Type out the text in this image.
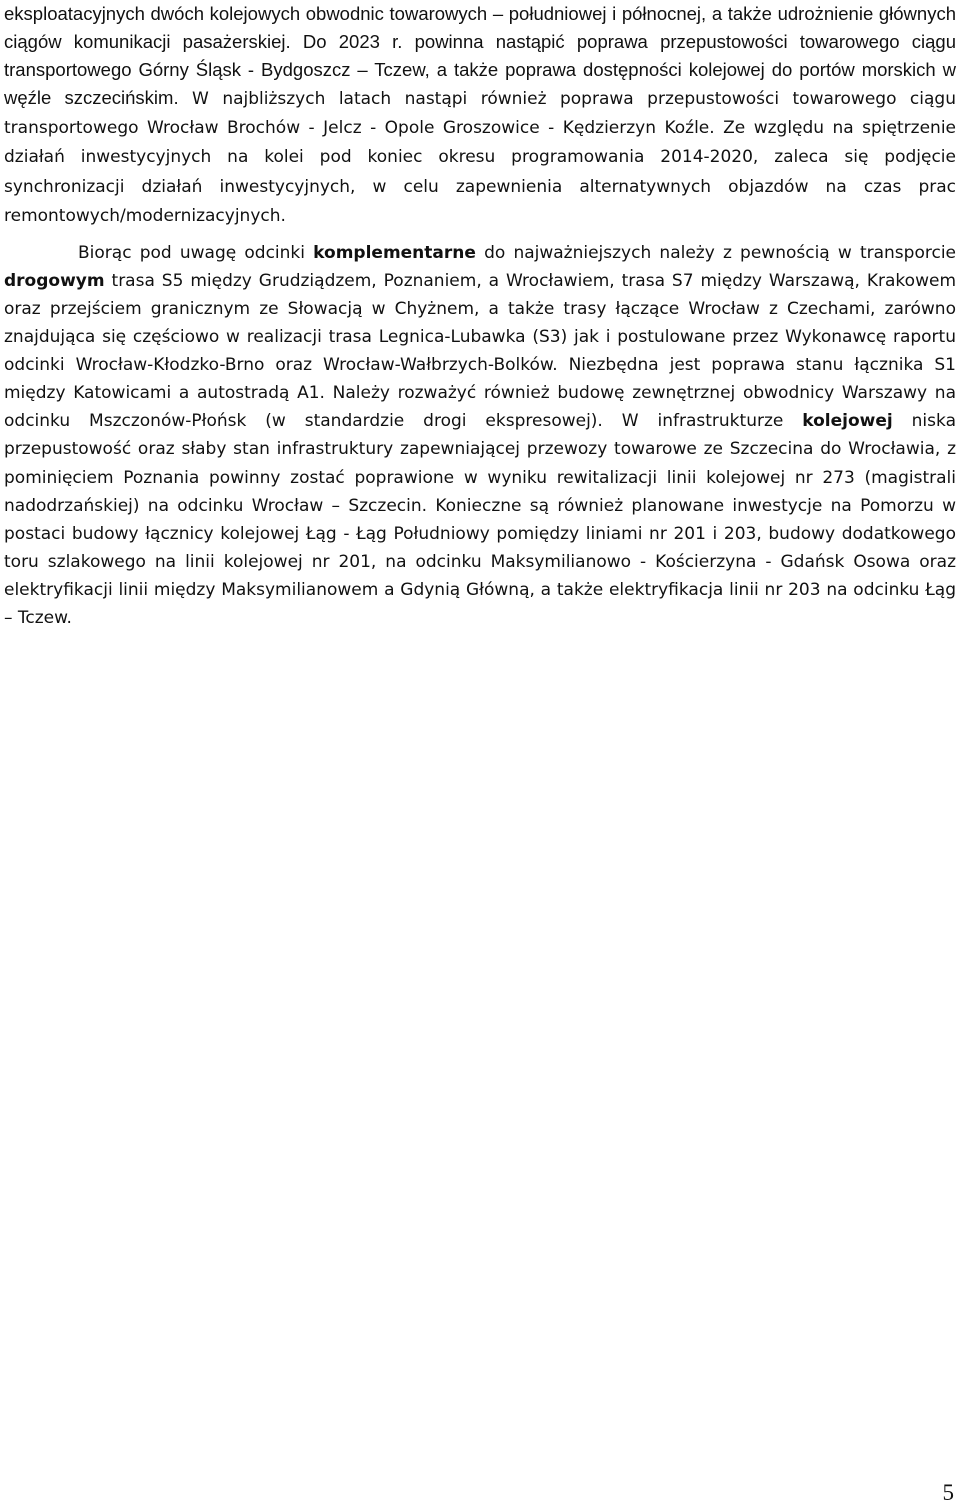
eksploatacyjnych dwóch kolejowych obwodnic towarowych – południowej i północnej, a także udrożnienie głównych ciągów komunikacji pasażerskiej. Do 2023 r. powinna nastąpić poprawa przepustowości towarowego ciągu transportowego Górny Śląsk - Bydgoszcz – Tczew, a także poprawa dostępności kolejowej do portów morskich w węźle szczecińskim. W najbliższych latach nastąpi również poprawa przepustowości towarowego ciągu transportowego Wrocław Brochów - Jelcz - Opole Groszowice - Kędzierzyn Koźle. Ze względu na spiętrzenie działań inwestycyjnych na kolei pod koniec okresu programowania 2014-2020, zaleca się podjęcie synchronizacji działań inwestycyjnych, w celu zapewnienia alternatywnych objazdów na czas prac remontowych/modernizacyjnych.

Biorąc pod uwagę odcinki komplementarne do najważniejszych należy z pewnością w transporcie drogowym trasa S5 między Grudziądzem, Poznaniem, a Wrocławiem, trasa S7 między Warszawą, Krakowem oraz przejściem granicznym ze Słowacją w Chyżnem, a także trasy łączące Wrocław z Czechami, zarówno znajdująca się częściowo w realizacji trasa Legnica-Lubawka (S3) jak i postulowane przez Wykonawcę raportu odcinki Wrocław-Kłodzko-Brno oraz Wrocław-Wałbrzych-Bolków. Niezbędna jest poprawa stanu łącznika S1 między Katowicami a autostradą A1. Należy rozważyć również budowę zewnętrznej obwodnicy Warszawy na odcinku Mszczonów-Płońsk (w standardzie drogi ekspresowej). W infrastrukturze kolejowej niska przepustowość oraz słaby stan infrastruktury zapewniającej przewozy towarowe ze Szczecina do Wrocławia, z pominięciem Poznania powinny zostać poprawione w wyniku rewitalizacji linii kolejowej nr 273 (magistrali nadodrzańskiej) na odcinku Wrocław – Szczecin. Konieczne są również planowane inwestycje na Pomorzu w postaci budowy łącznicy kolejowej Łąg - Łąg Południowy pomiędzy liniami nr 201 i 203, budowy dodatkowego toru szlakowego na linii kolejowej nr 201, na odcinku Maksymilianowo - Kościerzyna - Gdańsk Osowa oraz elektryfikacji linii między Maksymilianowem a Gdynią Główną, a także elektryfikacja linii nr 203 na odcinku Łąg – Tczew.

5
